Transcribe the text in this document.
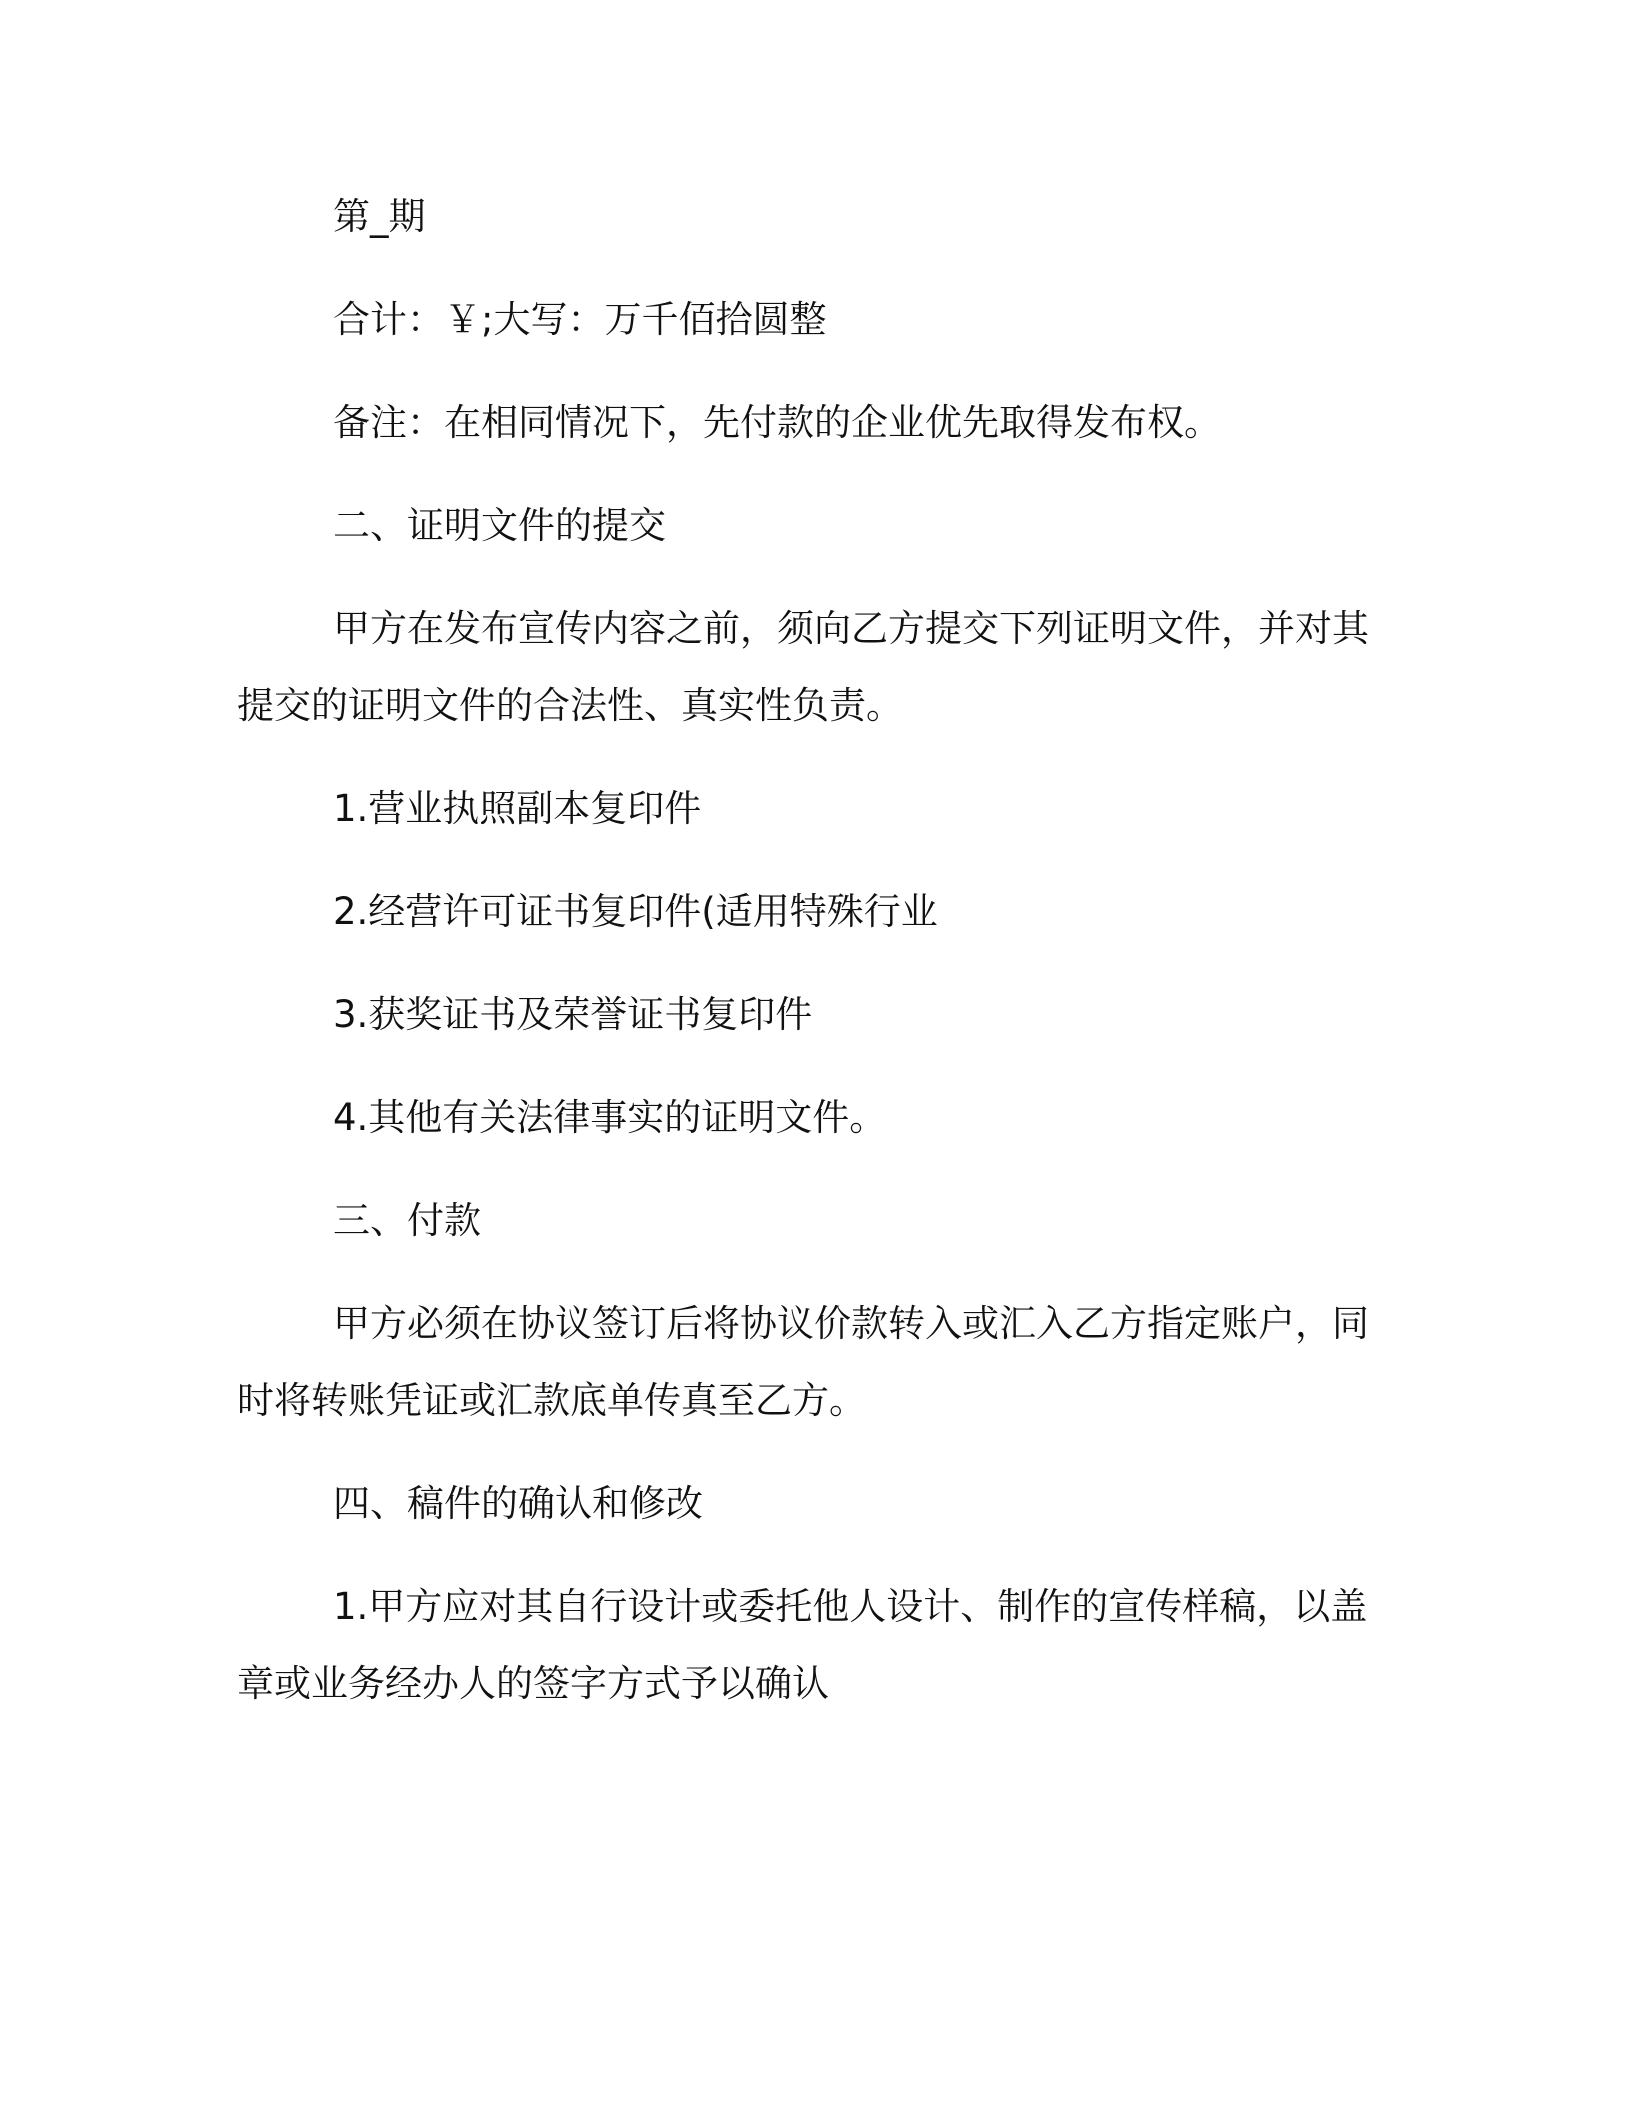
第_期
合计：￥;大写：万千佰拾圆整
备注：在相同情况下，先付款的企业优先取得发布权。
二、证明文件的提交
甲方在发布宣传内容之前，须向乙方提交下列证明文件，并对其
提交的证明文件的合法性、真实性负责。
1.营业执照副本复印件
2.经营许可证书复印件(适用特殊行业
3.获奖证书及荣誉证书复印件
4.其他有关法律事实的证明文件。
三、付款
甲方必须在协议签订后将协议价款转入或汇入乙方指定账户，同
时将转账凭证或汇款底单传真至乙方。
四、稿件的确认和修改
1.甲方应对其自行设计或委托他人设计、制作的宣传样稿，以盖
章或业务经办人的签字方式予以确认
